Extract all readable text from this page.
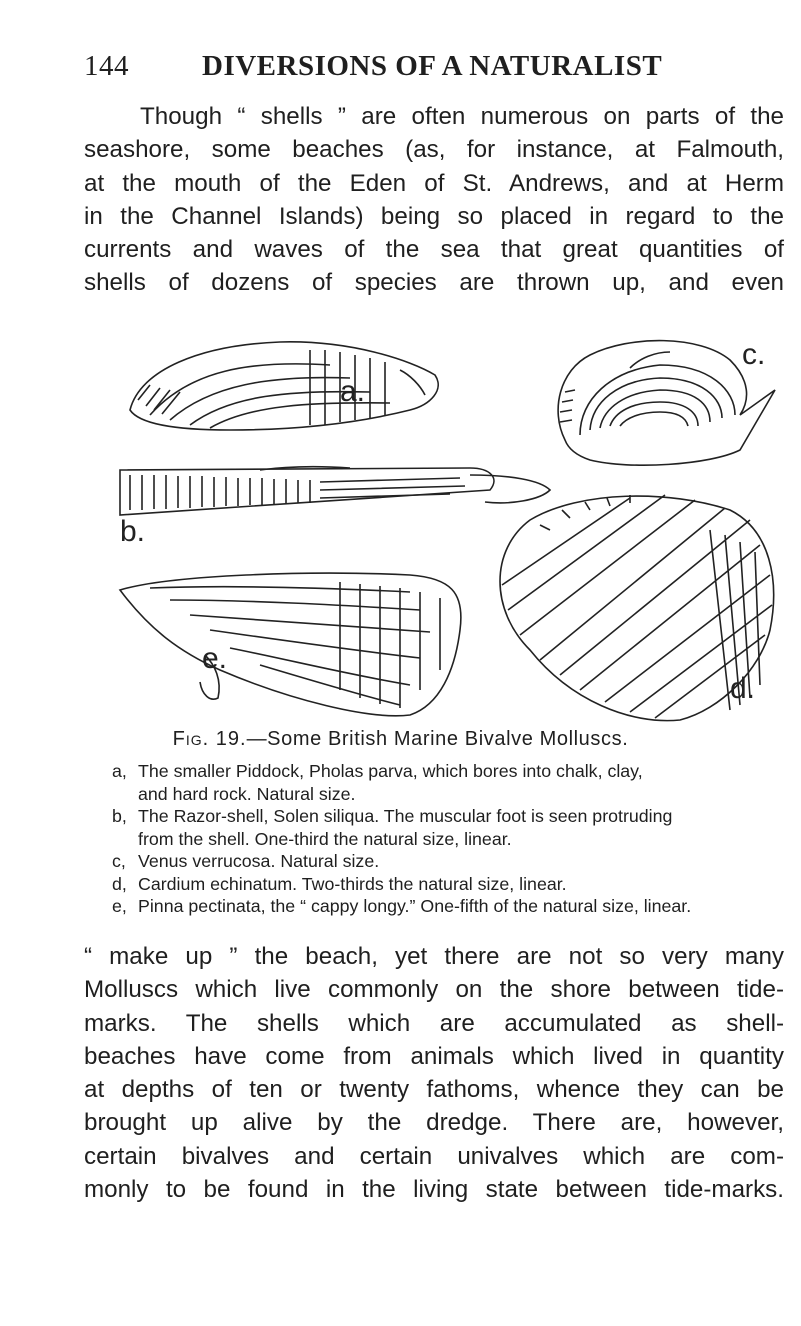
144	DIVERSIONS OF A NATURALIST

Though “ shells ” are often numerous on parts of the
seashore, some beaches (as, for instance, at Falmouth,
at the mouth of the Eden of St. Andrews, and at Herm
in the Channel Islands) being so placed in regard to the
currents and waves of the sea that great quantities of
shells of dozens of species are thrown up, and even

a.
b.
c.
d.
e.
Fig. 19.—Some British Marine Bivalve Molluscs.
a, The smaller Piddock, Pholas parva, which bores into chalk, clay,
and hard rock. Natural size.
b, The Razor-shell, Solen siliqua. The muscular foot is seen protruding
from the shell. One-third the natural size, linear.
c, Venus verrucosa. Natural size.
d, Cardium echinatum. Two-thirds the natural size, linear.
e, Pinna pectinata, the “ cappy longy.” One-fifth of the natural size, linear.

“ make up ” the beach, yet there are not so very many
Molluscs which live commonly on the shore between tide-
marks. The shells which are accumulated as shell-
beaches have come from animals which lived in quantity
at depths of ten or twenty fathoms, whence they can be
brought up alive by the dredge. There are, however,
certain bivalves and certain univalves which are com-
monly to be found in the living state between tide-marks.
